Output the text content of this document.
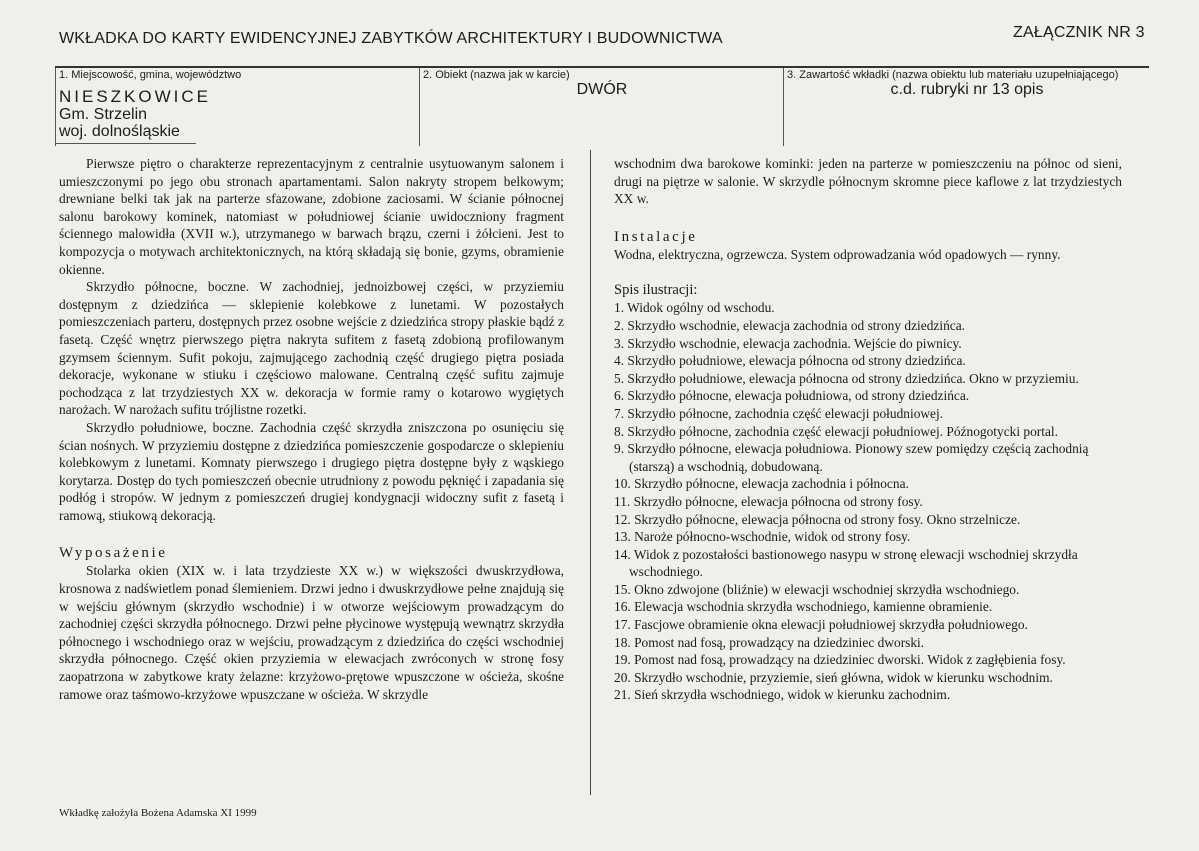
WKŁADKA DO KARTY EWIDENCYJNEJ ZABYTKÓW ARCHITEKTURY I BUDOWNICTWA	ZAŁĄCZNIK NR 3
1. Miejscowość, gmina, województwo
NIESZKOWICE
Gm. Strzelin
woj. dolnośląskie
2. Obiekt (nazwa jak w karcie)
DWÓR
3. Zawartość wkładki (nazwa obiektu lub materiału uzupełniającego)
c.d. rubryki nr 13 opis

Pierwsze piętro o charakterze reprezentacyjnym z centralnie usytuowanym salonem i umieszczonymi po jego obu stronach apartamentami. Salon nakryty stropem belkowym; drewniane belki tak jak na parterze sfazowane, zdobione zaciosami. W ścianie północnej salonu barokowy kominek, natomiast w południowej ścianie uwidoczniony fragment ściennego malowidła (XVII w.), utrzymanego w barwach brązu, czerni i żółcieni. Jest to kompozycja o motywach architektonicznych, na którą składają się bonie, gzyms, obramienie okienne.

Skrzydło północne, boczne. W zachodniej, jednoizbowej części, w przyziemiu dostępnym z dziedzińca — sklepienie kolebkowe z lunetami. W pozostałych pomieszczeniach parteru, dostępnych przez osobne wejście z dziedzińca stropy płaskie bądź z fasetą. Część wnętrz pierwszego piętra nakryta sufitem z fasetą zdobioną profilowanym gzymsem ściennym. Sufit pokoju, zajmującego zachodnią część drugiego piętra posiada dekoracje, wykonane w stiuku i częściowo malowane. Centralną część sufitu zajmuje pochodząca z lat trzydziestych XX w. dekoracja w formie ramy o kotarowo wygiętych narożach. W narożach sufitu trójlistne rozetki.

Skrzydło południowe, boczne. Zachodnia część skrzydła zniszczona po osunięciu się ścian nośnych. W przyziemiu dostępne z dziedzińca pomieszczenie gospodarcze o sklepieniu kolebkowym z lunetami. Komnaty pierwszego i drugiego piętra dostępne były z wąskiego korytarza. Dostęp do tych pomieszczeń obecnie utrudniony z powodu pęknięć i zapadania się podłóg i stropów. W jednym z pomieszczeń drugiej kondygnacji widoczny sufit z fasetą i ramową, stiukową dekoracją.

Wyposażenie

Stolarka okien (XIX w. i lata trzydzieste XX w.) w większości dwuskrzydłowa, krosnowa z nadświetlem ponad ślemieniem. Drzwi jedno i dwuskrzydłowe pełne znajdują się w wejściu głównym (skrzydło wschodnie) i w otworze wejściowym prowadzącym do zachodniej części skrzydła północnego. Drzwi pełne płycinowe występują wewnątrz skrzydła północnego i wschodniego oraz w wejściu, prowadzącym z dziedzińca do części wschodniej skrzydła północnego. Część okien przyziemia w elewacjach zwróconych w stronę fosy zaopatrzona w zabytkowe kraty żelazne: krzyżowo-prętowe wpuszczone w ościeża, skośne ramowe oraz taśmowo-krzyżowe wpuszczane w ościeża. W skrzydle

wschodnim dwa barokowe kominki: jeden na parterze w pomieszczeniu na północ od sieni, drugi na piętrze w salonie. W skrzydle północnym skromne piece kaflowe z lat trzydziestych XX w.

Instalacje

Wodna, elektryczna, ogrzewcza. System odprowadzania wód opadowych — rynny.

Spis ilustracji:
1. Widok ogólny od wschodu.
2. Skrzydło wschodnie, elewacja zachodnia od strony dziedzińca.
3. Skrzydło wschodnie, elewacja zachodnia. Wejście do piwnicy.
4. Skrzydło południowe, elewacja północna od strony dziedzińca.
5. Skrzydło południowe, elewacja północna od strony dziedzińca. Okno w przyziemiu.
6. Skrzydło północne, elewacja południowa, od strony dziedzińca.
7. Skrzydło północne, zachodnia część elewacji południowej.
8. Skrzydło północne, zachodnia część elewacji południowej. Późnogotycki portal.
9. Skrzydło północne, elewacja południowa. Pionowy szew pomiędzy częścią zachodnią (starszą) a wschodnią, dobudowaną.
10. Skrzydło północne, elewacja zachodnia i północna.
11. Skrzydło północne, elewacja północna od strony fosy.
12. Skrzydło północne, elewacja północna od strony fosy. Okno strzelnicze.
13. Naroże północno-wschodnie, widok od strony fosy.
14. Widok z pozostałości bastionowego nasypu w stronę elewacji wschodniej skrzydła wschodniego.
15. Okno zdwojone (bliźnie) w elewacji wschodniej skrzydła wschodniego.
16. Elewacja wschodnia skrzydła wschodniego, kamienne obramienie.
17. Fascjowe obramienie okna elewacji południowej skrzydła południowego.
18. Pomost nad fosą, prowadzący na dziedziniec dworski.
19. Pomost nad fosą, prowadzący na dziedziniec dworski. Widok z zagłębienia fosy.
20. Skrzydło wschodnie, przyziemie, sień główna, widok w kierunku wschodnim.
21. Sień skrzydła wschodniego, widok w kierunku zachodnim.
Wkładkę założyła Bożena Adamska XI 1999
